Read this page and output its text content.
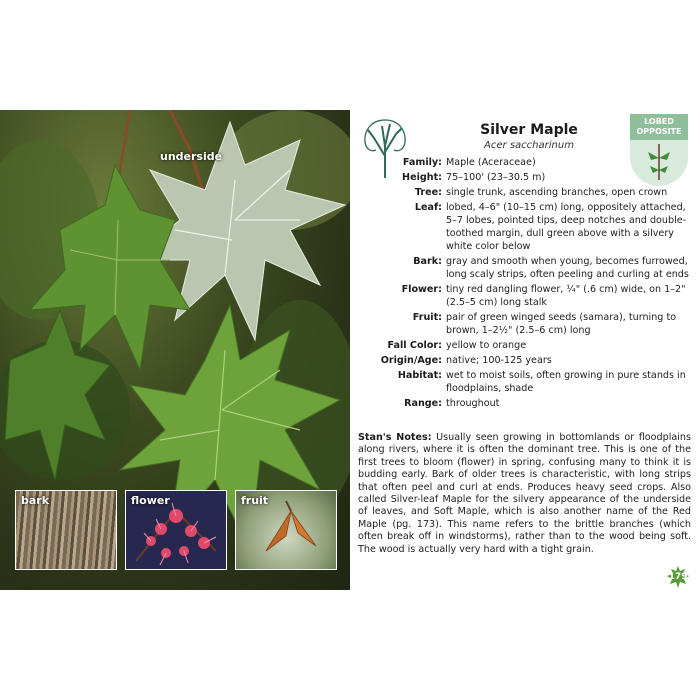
underside
bark	flower	fruit
Silver Maple
Acer saccharinum
LOBED
OPPOSITE
Family: Maple (Aceraceae)
Height: 75–100' (23–30.5 m)
Tree: single trunk, ascending branches, open crown
Leaf: lobed, 4–6" (10–15 cm) long, oppositely attached, 5–7 lobes, pointed tips, deep notches and double-toothed margin, dull green above with a silvery white color below
Bark: gray and smooth when young, becomes furrowed, long scaly strips, often peeling and curling at ends
Flower: tiny red dangling flower, ¼" (.6 cm) wide, on 1–2" (2.5–5 cm) long stalk
Fruit: pair of green winged seeds (samara), turning to brown, 1–2½" (2.5–6 cm) long
Fall Color: yellow to orange
Origin/Age: native; 100-125 years
Habitat: wet to moist soils, often growing in pure stands in floodplains, shade
Range: throughout
Stan's Notes: Usually seen growing in bottomlands or floodplains along rivers, where it is often the dominant tree. This is one of the first trees to bloom (flower) in spring, confusing many to think it is budding early. Bark of older trees is characteristic, with long strips that often peel and curl at ends. Produces heavy seed crops. Also called Silver-leaf Maple for the silvery appearance of the underside of leaves, and Soft Maple, which is also another name of the Red Maple (pg. 173). This name refers to the brittle branches (which often break off in windstorms), rather than to the wood being soft. The wood is actually very hard with a tight grain.
179
